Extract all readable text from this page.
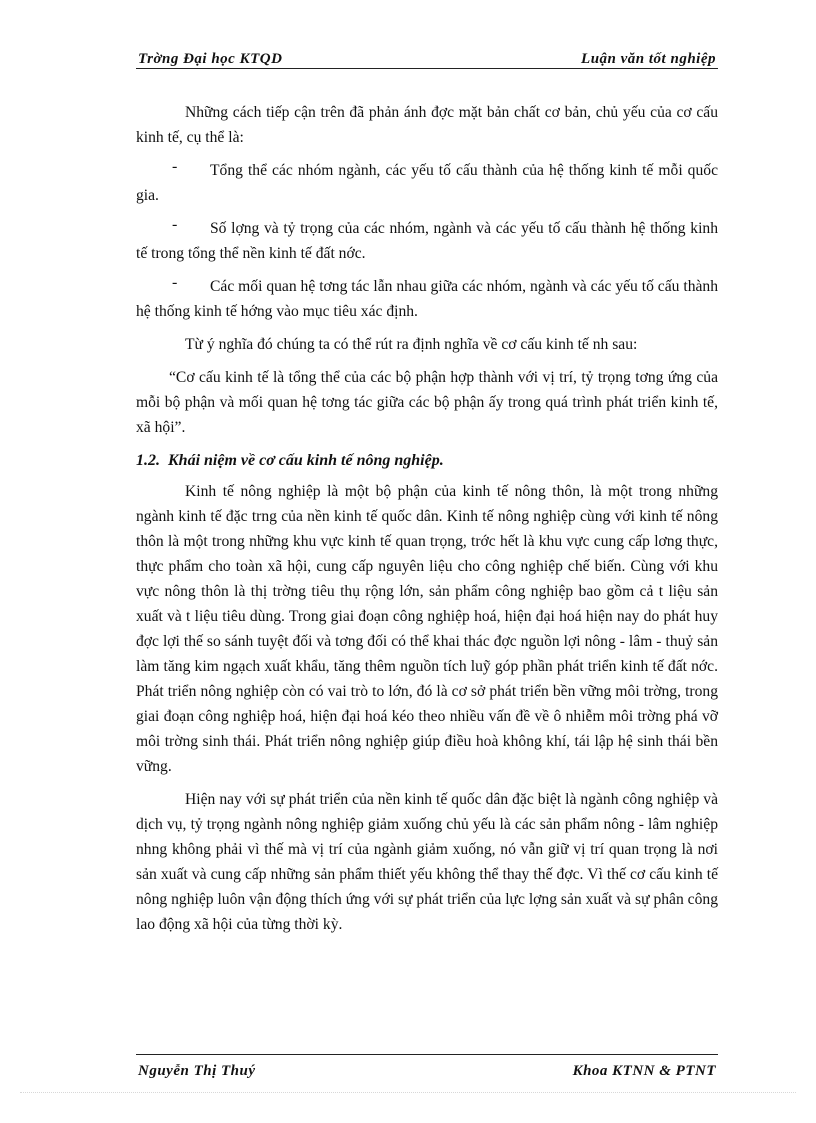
Trờng Đại học KTQD	Luận văn tốt nghiệp

Những cách tiếp cận trên đã phản ánh đợc mặt bản chất cơ bản, chủ yếu của cơ cấu kinh tế, cụ thể là:

-	Tổng thể các nhóm ngành, các yếu tố cấu thành của hệ thống kinh tế mỗi quốc gia.

-	Số lợng và tỷ trọng của các nhóm, ngành và các yếu tố cấu thành hệ thống kinh tế trong tổng thể nền kinh tế đất nớc.

-	Các mối quan hệ tơng tác lẫn nhau giữa các nhóm, ngành và các yếu tố cấu thành hệ thống kinh tế hớng vào mục tiêu xác định.

Từ ý nghĩa đó chúng ta có thể rút ra định nghĩa về cơ cấu kinh tế nh sau:

“Cơ cấu kinh tế là tổng thể của các bộ phận hợp thành với vị trí, tỷ trọng tơng ứng của mỗi bộ phận và mối quan hệ tơng tác giữa các bộ phận ấy trong quá trình phát triển kinh tế, xã hội”.

1.2. Khái niệm về cơ cấu kinh tế nông nghiệp.

Kinh tế nông nghiệp là một bộ phận của kinh tế nông thôn, là một trong những ngành kinh tế đặc trng của nền kinh tế quốc dân. Kinh tế nông nghiệp cùng với kinh tế nông thôn là một trong những khu vực kinh tế quan trọng, trớc hết là khu vực cung cấp lơng thực, thực phẩm cho toàn xã hội, cung cấp nguyên liệu cho công nghiệp chế biến. Cùng với khu vực nông thôn là thị trờng tiêu thụ rộng lớn, sản phẩm công nghiệp bao gồm cả t liệu sản xuất và t liệu tiêu dùng. Trong giai đoạn công nghiệp hoá, hiện đại hoá hiện nay do phát huy đợc lợi thế so sánh tuyệt đối và tơng đối có thể khai thác đợc nguồn lợi nông - lâm - thuỷ sản làm tăng kim ngạch xuất khẩu, tăng thêm nguồn tích luỹ góp phần phát triển kinh tế đất nớc. Phát triển nông nghiệp còn có vai trò to lớn, đó là cơ sở phát triển bền vững môi trờng, trong giai đoạn công nghiệp hoá, hiện đại hoá kéo theo nhiều vấn đề về ô nhiễm môi trờng phá vỡ môi trờng sinh thái. Phát triển nông nghiệp giúp điều hoà không khí, tái lập hệ sinh thái bền vững.

Hiện nay với sự phát triển của nền kinh tế quốc dân đặc biệt là ngành công nghiệp và dịch vụ, tỷ trọng ngành nông nghiệp giảm xuống chủ yếu là các sản phẩm nông - lâm nghiệp nhng không phải vì thế mà vị trí của ngành giảm xuống, nó vẫn giữ vị trí quan trọng là nơi sản xuất và cung cấp những sản phẩm thiết yếu không thể thay thế đợc. Vì thế cơ cấu kinh tế nông nghiệp luôn vận động thích ứng với sự phát triển của lực lợng sản xuất và sự phân công lao động xã hội của từng thời kỳ.

Nguyễn Thị Thuý	Khoa KTNN & PTNT
